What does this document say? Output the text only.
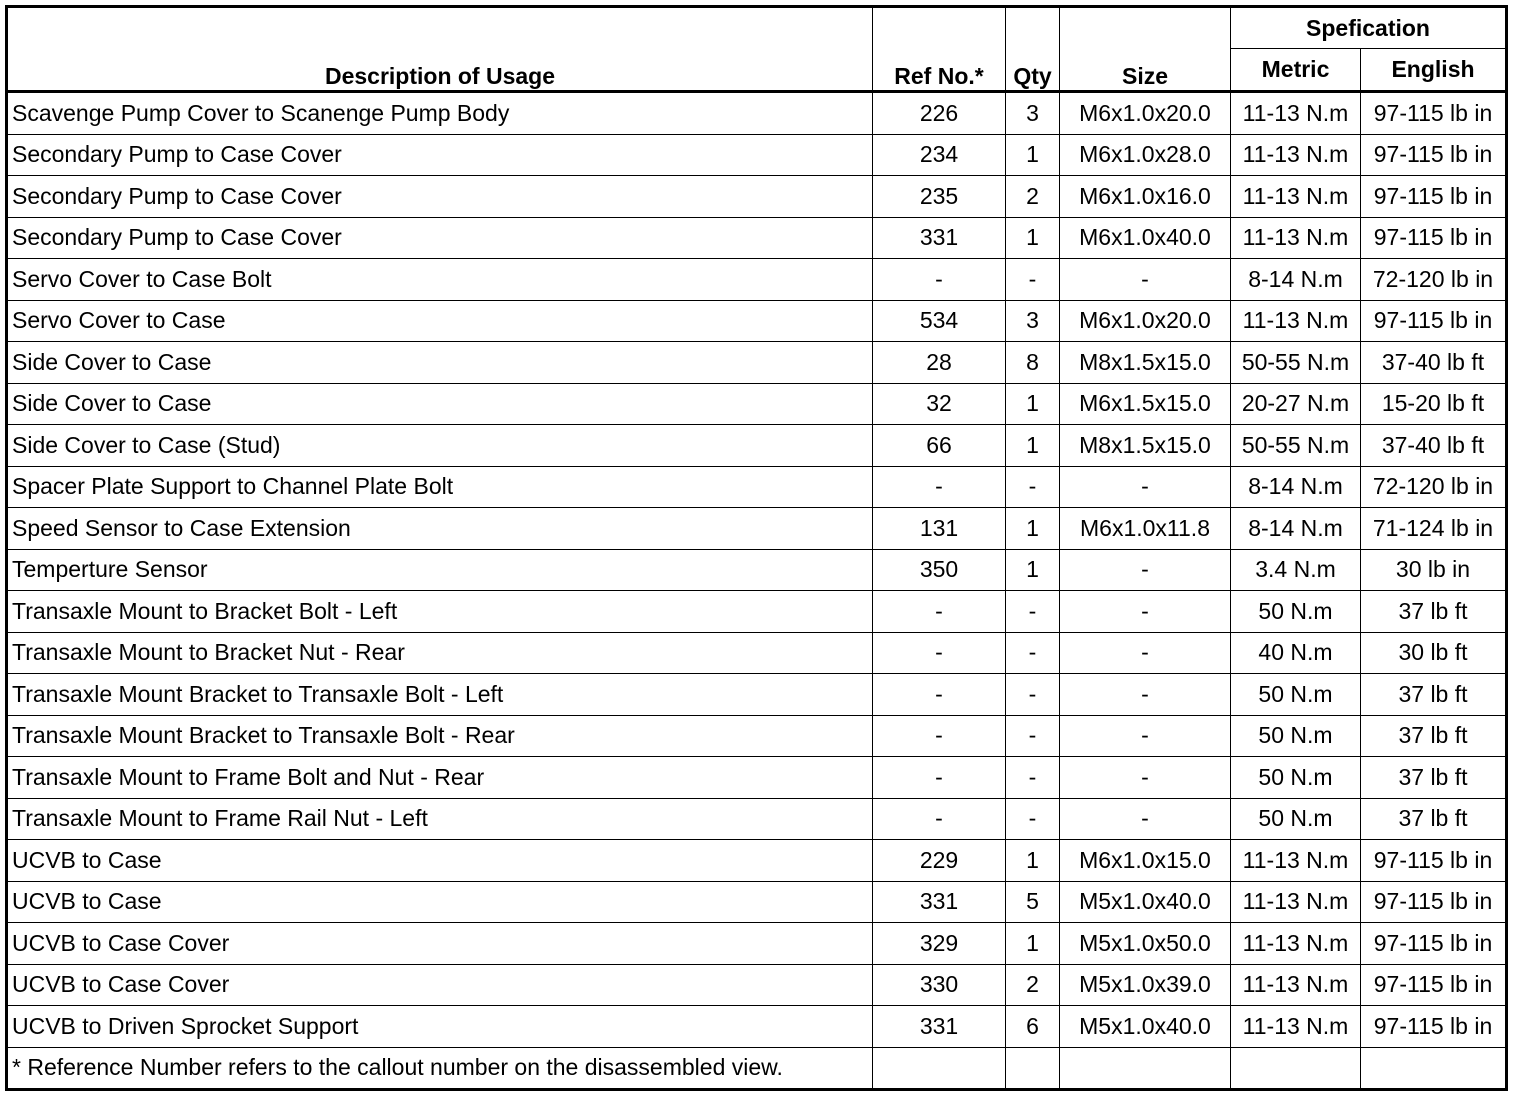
Description of Usage	Ref No.*	Qty	Size	Spefication	
				Metric	English
Scavenge Pump Cover to Scanenge Pump Body	226	3	M6x1.0x20.0	11-13 N.m	97-115 lb in
Secondary Pump to Case Cover	234	1	M6x1.0x28.0	11-13 N.m	97-115 lb in
Secondary Pump to Case Cover	235	2	M6x1.0x16.0	11-13 N.m	97-115 lb in
Secondary Pump to Case Cover	331	1	M6x1.0x40.0	11-13 N.m	97-115 lb in
Servo Cover to Case Bolt	-	-	-	8-14 N.m	72-120 lb in
Servo Cover to Case	534	3	M6x1.0x20.0	11-13 N.m	97-115 lb in
Side Cover to Case	28	8	M8x1.5x15.0	50-55 N.m	37-40 lb ft
Side Cover to Case	32	1	M6x1.5x15.0	20-27 N.m	15-20 lb ft
Side Cover to Case (Stud)	66	1	M8x1.5x15.0	50-55 N.m	37-40 lb ft
Spacer Plate Support to Channel Plate Bolt	-	-	-	8-14 N.m	72-120 lb in
Speed Sensor to Case Extension	131	1	M6x1.0x11.8	8-14 N.m	71-124 lb in
Temperture Sensor	350	1	-	3.4 N.m	30 lb in
Transaxle Mount to Bracket Bolt - Left	-	-	-	50 N.m	37 lb ft
Transaxle Mount to Bracket Nut - Rear	-	-	-	40 N.m	30 lb ft
Transaxle Mount Bracket to Transaxle Bolt - Left	-	-	-	50 N.m	37 lb ft
Transaxle Mount Bracket to Transaxle Bolt - Rear	-	-	-	50 N.m	37 lb ft
Transaxle Mount to Frame Bolt and Nut - Rear	-	-	-	50 N.m	37 lb ft
Transaxle Mount to Frame Rail Nut - Left	-	-	-	50 N.m	37 lb ft
UCVB to Case	229	1	M6x1.0x15.0	11-13 N.m	97-115 lb in
UCVB to Case	331	5	M5x1.0x40.0	11-13 N.m	97-115 lb in
UCVB to Case Cover	329	1	M5x1.0x50.0	11-13 N.m	97-115 lb in
UCVB to Case Cover	330	2	M5x1.0x39.0	11-13 N.m	97-115 lb in
UCVB to Driven Sprocket Support	331	6	M5x1.0x40.0	11-13 N.m	97-115 lb in
* Reference Number refers to the callout number on the disassembled view.					
